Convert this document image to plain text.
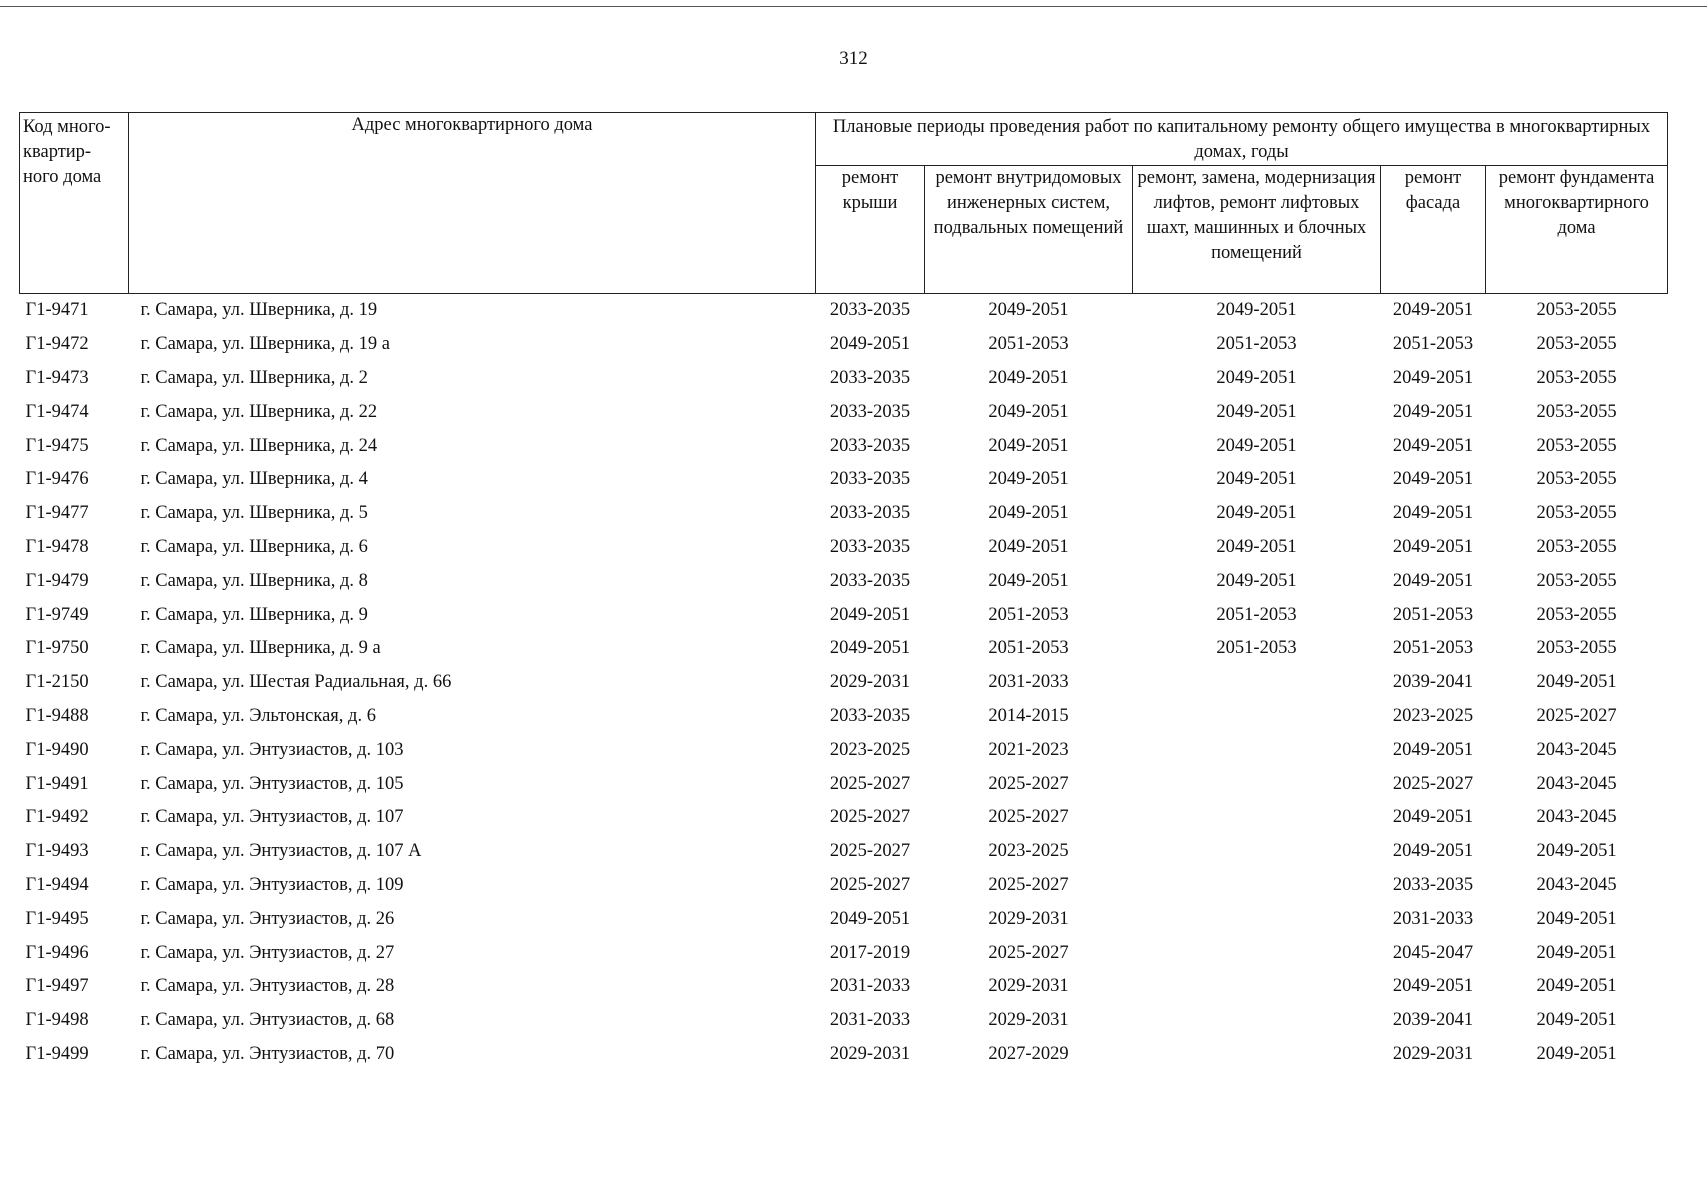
312
Код много-квартир-ного дома	Адрес многоквартирного дома	Плановые периоды проведения работ по капитальному ремонту общего имущества в многоквартирных домах, годы				
		ремонт крыши	ремонт внутридомовых инженерных систем, подвальных помещений	ремонт, замена, модернизация лифтов, ремонт лифтовых шахт, машинных и блочных помещений	ремонт фасада	ремонт фундамента многоквартирного дома
Г1-9471	г. Самара, ул. Шверника, д. 19	2033-2035	2049-2051	2049-2051	2049-2051	2053-2055
Г1-9472	г. Самара, ул. Шверника, д. 19 а	2049-2051	2051-2053	2051-2053	2051-2053	2053-2055
Г1-9473	г. Самара, ул. Шверника, д. 2	2033-2035	2049-2051	2049-2051	2049-2051	2053-2055
Г1-9474	г. Самара, ул. Шверника, д. 22	2033-2035	2049-2051	2049-2051	2049-2051	2053-2055
Г1-9475	г. Самара, ул. Шверника, д. 24	2033-2035	2049-2051	2049-2051	2049-2051	2053-2055
Г1-9476	г. Самара, ул. Шверника, д. 4	2033-2035	2049-2051	2049-2051	2049-2051	2053-2055
Г1-9477	г. Самара, ул. Шверника, д. 5	2033-2035	2049-2051	2049-2051	2049-2051	2053-2055
Г1-9478	г. Самара, ул. Шверника, д. 6	2033-2035	2049-2051	2049-2051	2049-2051	2053-2055
Г1-9479	г. Самара, ул. Шверника, д. 8	2033-2035	2049-2051	2049-2051	2049-2051	2053-2055
Г1-9749	г. Самара, ул. Шверника, д. 9	2049-2051	2051-2053	2051-2053	2051-2053	2053-2055
Г1-9750	г. Самара, ул. Шверника, д. 9 а	2049-2051	2051-2053	2051-2053	2051-2053	2053-2055
Г1-2150	г. Самара, ул. Шестая Радиальная, д. 66	2029-2031	2031-2033		2039-2041	2049-2051
Г1-9488	г. Самара, ул. Эльтонская, д. 6	2033-2035	2014-2015		2023-2025	2025-2027
Г1-9490	г. Самара, ул. Энтузиастов, д. 103	2023-2025	2021-2023		2049-2051	2043-2045
Г1-9491	г. Самара, ул. Энтузиастов, д. 105	2025-2027	2025-2027		2025-2027	2043-2045
Г1-9492	г. Самара, ул. Энтузиастов, д. 107	2025-2027	2025-2027		2049-2051	2043-2045
Г1-9493	г. Самара, ул. Энтузиастов, д. 107 А	2025-2027	2023-2025		2049-2051	2049-2051
Г1-9494	г. Самара, ул. Энтузиастов, д. 109	2025-2027	2025-2027		2033-2035	2043-2045
Г1-9495	г. Самара, ул. Энтузиастов, д. 26	2049-2051	2029-2031		2031-2033	2049-2051
Г1-9496	г. Самара, ул. Энтузиастов, д. 27	2017-2019	2025-2027		2045-2047	2049-2051
Г1-9497	г. Самара, ул. Энтузиастов, д. 28	2031-2033	2029-2031		2049-2051	2049-2051
Г1-9498	г. Самара, ул. Энтузиастов, д. 68	2031-2033	2029-2031		2039-2041	2049-2051
Г1-9499	г. Самара, ул. Энтузиастов, д. 70	2029-2031	2027-2029		2029-2031	2049-2051
